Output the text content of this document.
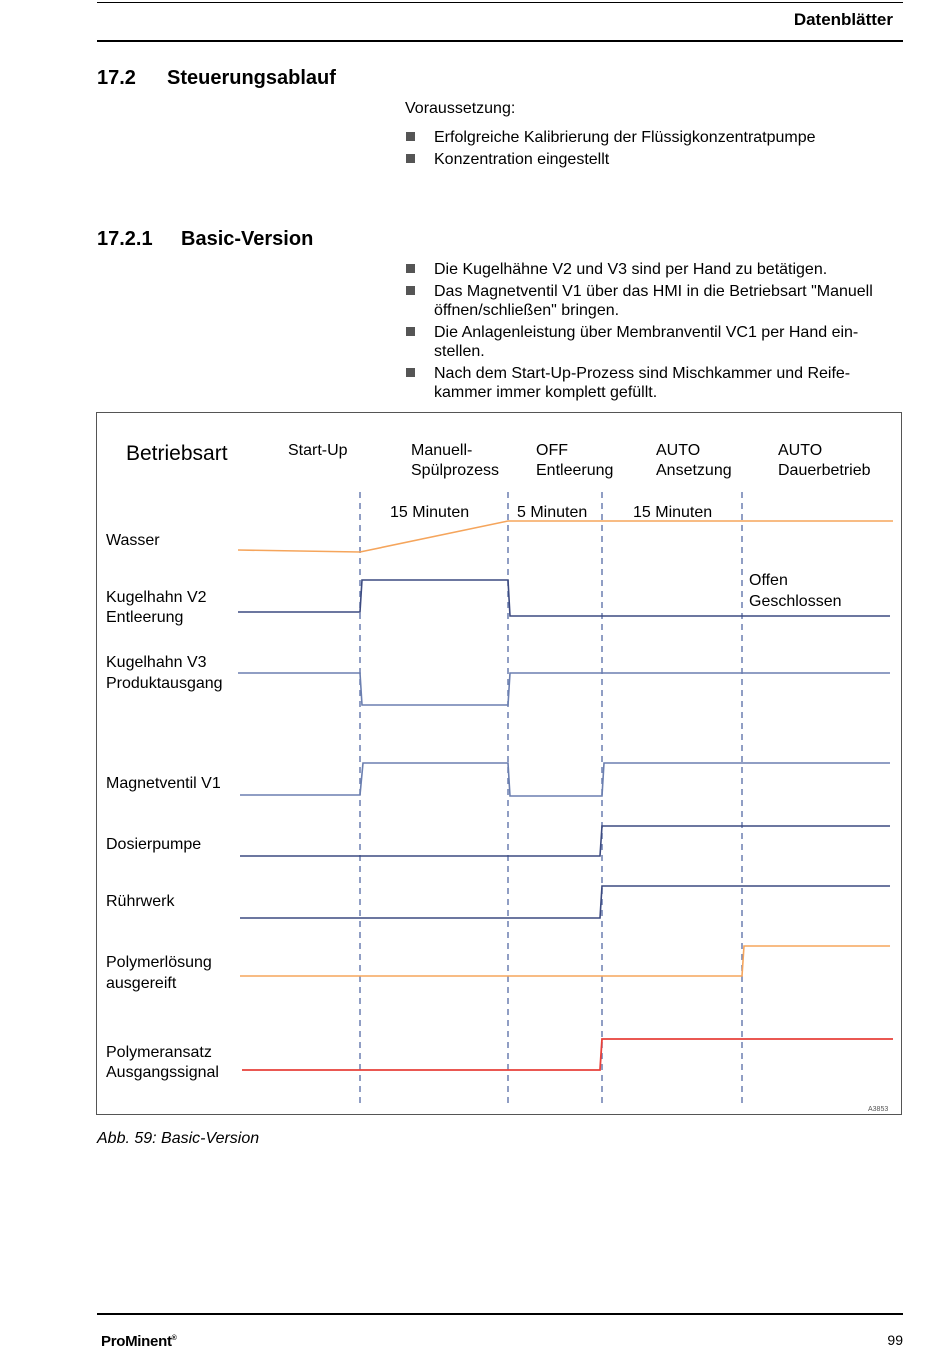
Datenblätter
17.2 Steuerungsablauf
Voraussetzung:
Erfolgreiche Kalibrierung der Flüssigkonzentratpumpe
Konzentration eingestellt
17.2.1 Basic-Version
Die Kugelhähne V2 und V3 sind per Hand zu betätigen.
Das Magnetventil V1 über das HMI in die Betriebsart "Manuell öffnen/schließen" bringen.
Die Anlagenleistung über Membranventil VC1 per Hand ein-stellen.
Nach dem Start-Up-Prozess sind Mischkammer und Reife-kammer immer komplett gefüllt.
Betriebsart	Start-Up	Manuell-
Spülprozess
OFF
Entleerung
AUTO
Ansetzung
AUTO
Dauerbetrieb
15 Minuten	5 Minuten	15 Minuten
Offen
Geschlossen
Wasser
Kugelhahn V2
Entleerung
Kugelhahn V3
Produktausgang
Magnetventil V1
Dosierpumpe
Rührwerk
Polymerlösung
ausgereift
Polymeransatz
Ausgangssignal
A3853
Abb. 59: Basic-Version
ProMinent®	99
